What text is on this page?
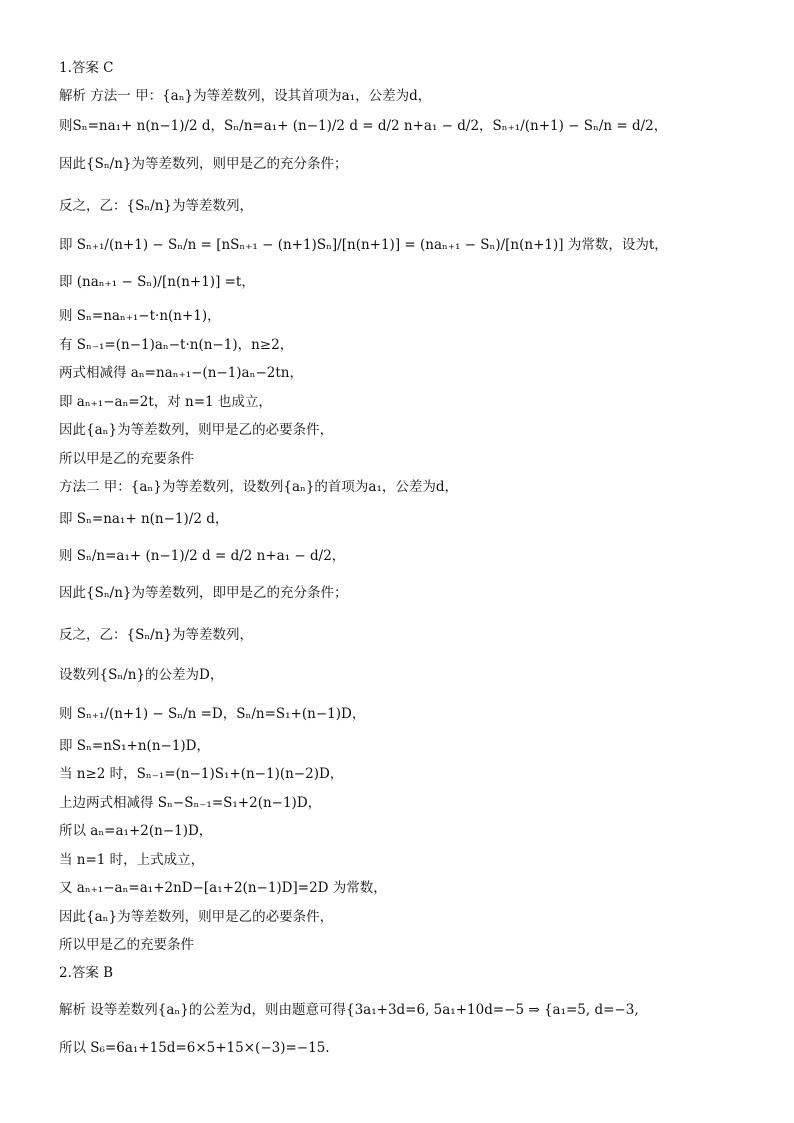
1.答案 C
解析 方法一 甲：{aₙ}为等差数列，设其首项为a₁，公差为d，
则Sₙ=na₁+ n(n−1)/2 d，Sₙ/n=a₁+ (n−1)/2 d = d/2 n+a₁ − d/2，Sₙ₊₁/(n+1) − Sₙ/n = d/2，
因此{Sₙ/n}为等差数列，则甲是乙的充分条件；
反之，乙：{Sₙ/n}为等差数列，
即 Sₙ₊₁/(n+1) − Sₙ/n = [nSₙ₊₁ − (n+1)Sₙ]/[n(n+1)] = (naₙ₊₁ − Sₙ)/[n(n+1)] 为常数，设为t，
即 (naₙ₊₁ − Sₙ)/[n(n+1)] =t，
则 Sₙ=naₙ₊₁−t·n(n+1)，
有 Sₙ₋₁=(n−1)aₙ−t·n(n−1)，n≥2，
两式相减得 aₙ=naₙ₊₁−(n−1)aₙ−2tn，
即 aₙ₊₁−aₙ=2t，对 n=1 也成立，
因此{aₙ}为等差数列，则甲是乙的必要条件，
所以甲是乙的充要条件
方法二 甲：{aₙ}为等差数列，设数列{aₙ}的首项为a₁，公差为d，
即 Sₙ=na₁+ n(n−1)/2 d，
则 Sₙ/n=a₁+ (n−1)/2 d = d/2 n+a₁ − d/2，
因此{Sₙ/n}为等差数列，即甲是乙的充分条件；
反之，乙：{Sₙ/n}为等差数列，
设数列{Sₙ/n}的公差为D，
则 Sₙ₊₁/(n+1) − Sₙ/n =D，Sₙ/n=S₁+(n−1)D，
即 Sₙ=nS₁+n(n−1)D，
当 n≥2 时，Sₙ₋₁=(n−1)S₁+(n−1)(n−2)D，
上边两式相减得 Sₙ−Sₙ₋₁=S₁+2(n−1)D，
所以 aₙ=a₁+2(n−1)D，
当 n=1 时，上式成立，
又 aₙ₊₁−aₙ=a₁+2nD−[a₁+2(n−1)D]=2D 为常数，
因此{aₙ}为等差数列，则甲是乙的必要条件，
所以甲是乙的充要条件
2.答案 B
解析 设等差数列{aₙ}的公差为d，则由题意可得{3a₁+3d=6, 5a₁+10d=−5 ⇒ {a₁=5, d=−3,
所以 S₆=6a₁+15d=6×5+15×(−3)=−15.
